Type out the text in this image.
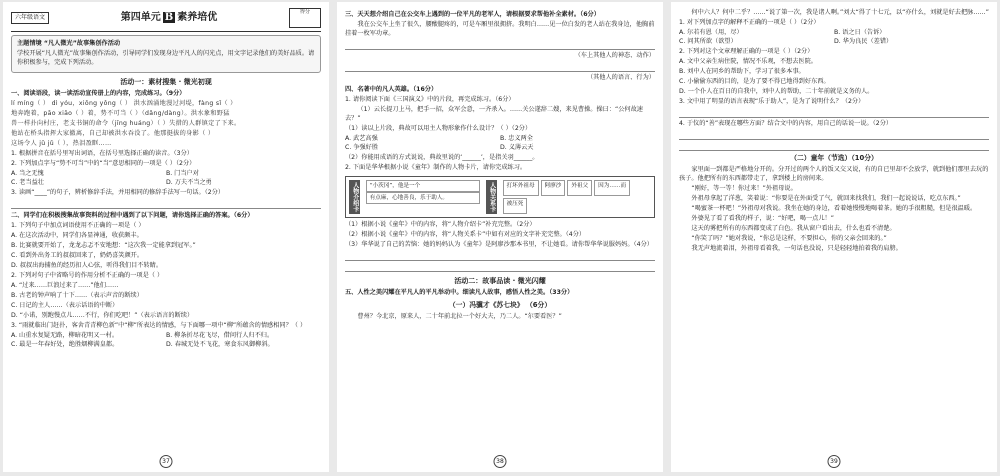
六年级语文	第四单元 B 素养培优	得分

主题情境 “凡人微光”故事集创作活动

学校开展“凡人微光”故事集创作活动，引导同学们发现身边平凡人的闪光点，用文字记录他们的美好品质。请你积极参与，完成下列活动。

活动一：素材搜集 · 微光初现

一、阅读语段，读一读活动宣传册上的内容，完成练习。（9分）

lí míng（ ） dì yóu，xiōng yǒng（ ） 洪水汹涌地漫过河堤，fàng sǐ（ ）

地奔跑着，pāo xiāo（ ）着，势不可当（ ）（dǎng/dàng）。洪水象和野猛

兽一样扑向村庄，老支书铜的命令（jīng huáng）（ ）失措的人群镇定了下来。

他站在桥头指挥大家撤离，自己却被洪水吞没了。他那挺拔的身影（ ）

这场令人 jǔ jǔ（ ），热泪盈眶……

1. 根据拼音在括号里写出词语，在括号里选择正确的读音。（3分）

2. 下列加点字与“势不可当”中的“当”意思相同的一项是（ ）（2分）

A. 当之无愧	B. 门当户对
C. 老当益壮	D. 万夫不当之勇

3. 读画“____”的句子，辨析修辞手法，并用相同的修辞手法写一句话。（2分）

二、同学们在积极搜集故事资料的过程中遇到了以下问题，请你选择正确的答案。（6分）

1. 下列句子中加点词语使用不正确的一项是（ ）

A. 在这次活动中，同学们各显神通，收获颇丰。

B. 比赛就要开始了，龙龙忐忑不安地想：“这次我一定能拿到冠军。”

C. 看到外出务工的叔叔回来了，奶奶喜笑颜开。

D. 叔叔出海捕鱼的经历扣人心弦，听得我们目不转睛。

2. 下列对句子中省略号的作用分析不正确的一项是（ ）

A. “过来……巨浪过来了……”他们……

B. 古老的钟声响了十下……（表示声音的断续）

C. 日记的主人……（表示话语的中断）

D. “小诺，别跑慢点儿……不行，你们吃吧！”（表示语言的断续）

3. “雨就临出门赶扑，客舍青青柳色新”中“柳”所表达的情感，与下面哪一项中“柳”所蕴含的情感相同？（ ）

A. 山重水复疑无路，柳暗花明又一村。	B. 柳条折尽花飞尽，借问行人归不归。
C. 最是一年春好处，绝胜烟柳满皇都。	D. 春城无处不飞花，寒食东风御柳斜。
37

三、天天想介绍自己在公交车上遇到的一位平凡的老军人，请根据要求帮他补全素材。（6分）

我在公交车上坐了很久，腰酸腿疼的，可是车厢里很拥挤。我明白……见一位白发的老人站在我身边，他胸前挂着一枚军功章。

（车上其他人的神态、动作）

（其他人的语言、行为）

四、名著中的凡人英雄。（16分）

1. 请你阅读下面《三国演义》中的片段，再完成练习。（6分）

（1）云长提刀上马，把手一招，众军会意，一齐杀入。……关公遂辞二嫂，来见曹操。操曰：“公何故速去？”

（1）读以上片段，典故可以用主人物形象作什么设计？（ ）（2分）

A. 武艺高强	B. 忠义两全
C. 争强好胜	D. 义薄云天

（2）你能用成语的方式说说，典故里说的‘______’，是指关羽______。

2. 下面是华华根据小说《童年》制作的人物卡片，请你完成练习。

人物介绍卡	“小茨冈”，他是一个
有点麻，心地善良，乐于助人。	人物关系卡	打坏外祖母	阿廖沙	外祖父	因为……而
被压死

（1）根据小说《童年》中的内容，将“人物介绍卡”补充完整。（2分）

（2）根据小说《童年》中的内容，将“人物关系卡”中如有对应的文字补充完整。（4分）

（3）华华说了自己的苦恼：她的妈妈认为《童年》是阿廖沙那本书里，不让她看。请你帮华华说服妈妈。（4分）

活动二：故事品读 · 微光闪耀

五、人性之美闪耀在平凡人的平凡举动中。细读凡人故事，感悟人性之美。（33分）

（一）冯骥才《苏七块》 （6分）

曹州？今北京，原来人，二十年前北拉一个好大夫，乃二人。“尔要看医？”

38

何中六人？何中二乎？……“说了第一次，我是诸人啊。”刘大“得了十七元，以“亦什么，刘就是好去把脉……”

1. 对下列加点字的解释不正确的一项是（ ）（2分）

A. 尔若有恩（用，尽）	B. 语之日（告诉）
C. 问其所欲（欲望）	D. 华为良民（差错）

2. 下列对这个文章理解正确的一项是（ ）（2分）

A. 文中父亲生病住院，情况不乐观，不想去医院。

B. 刘中人在同乡的帮助下，学习了很多本事。

C. 小偷偷东西的目的，是为了要不得已地得到好东西。

D. 一个仆人在百日的自我中，刘中人的帮助，二十年前就是义务的人。

3. 文中用了明显的语言表现“乐于助人”，是为了说明什么？（2分）

4. 于仪的“善”表现在哪些方面？结合文中的内容，用自己的话说一说。（2分）

（二）童年（节选）（10分）

家里面一到都是严格地分开的。分开过的两个人的饭又交又说，有的自已里却不会放学，就到他们那里去玩的孩子。他把所有的东西都带走了，拿到楼上的房间来。

“刚好，等一等！你过来！”外祖母说。

外祖母拿起了洋葱，笑着说：“你要是在外面受了气，就回来找我们，我们一起说说话，吃点东西。”

“喝蜜茶一杯吧！”外祖母对我说。我坐在她的身边，看着她慢慢地喝着茶。她的手很粗糙，但是很温暖。

外婆见了看了看我的样子，说：“好吧，喝一点儿！”

这天的雾把所有的东西都变成了白色。我从窗户看出去，什么也看不清楚。

“你笑了吗？”她对我说，“你总是这样，不要担心，你的父亲会回来的。”

我无声地流着泪，外祖母看着我，一句话也没说，只是轻轻地拍着我的肩膀。

39
